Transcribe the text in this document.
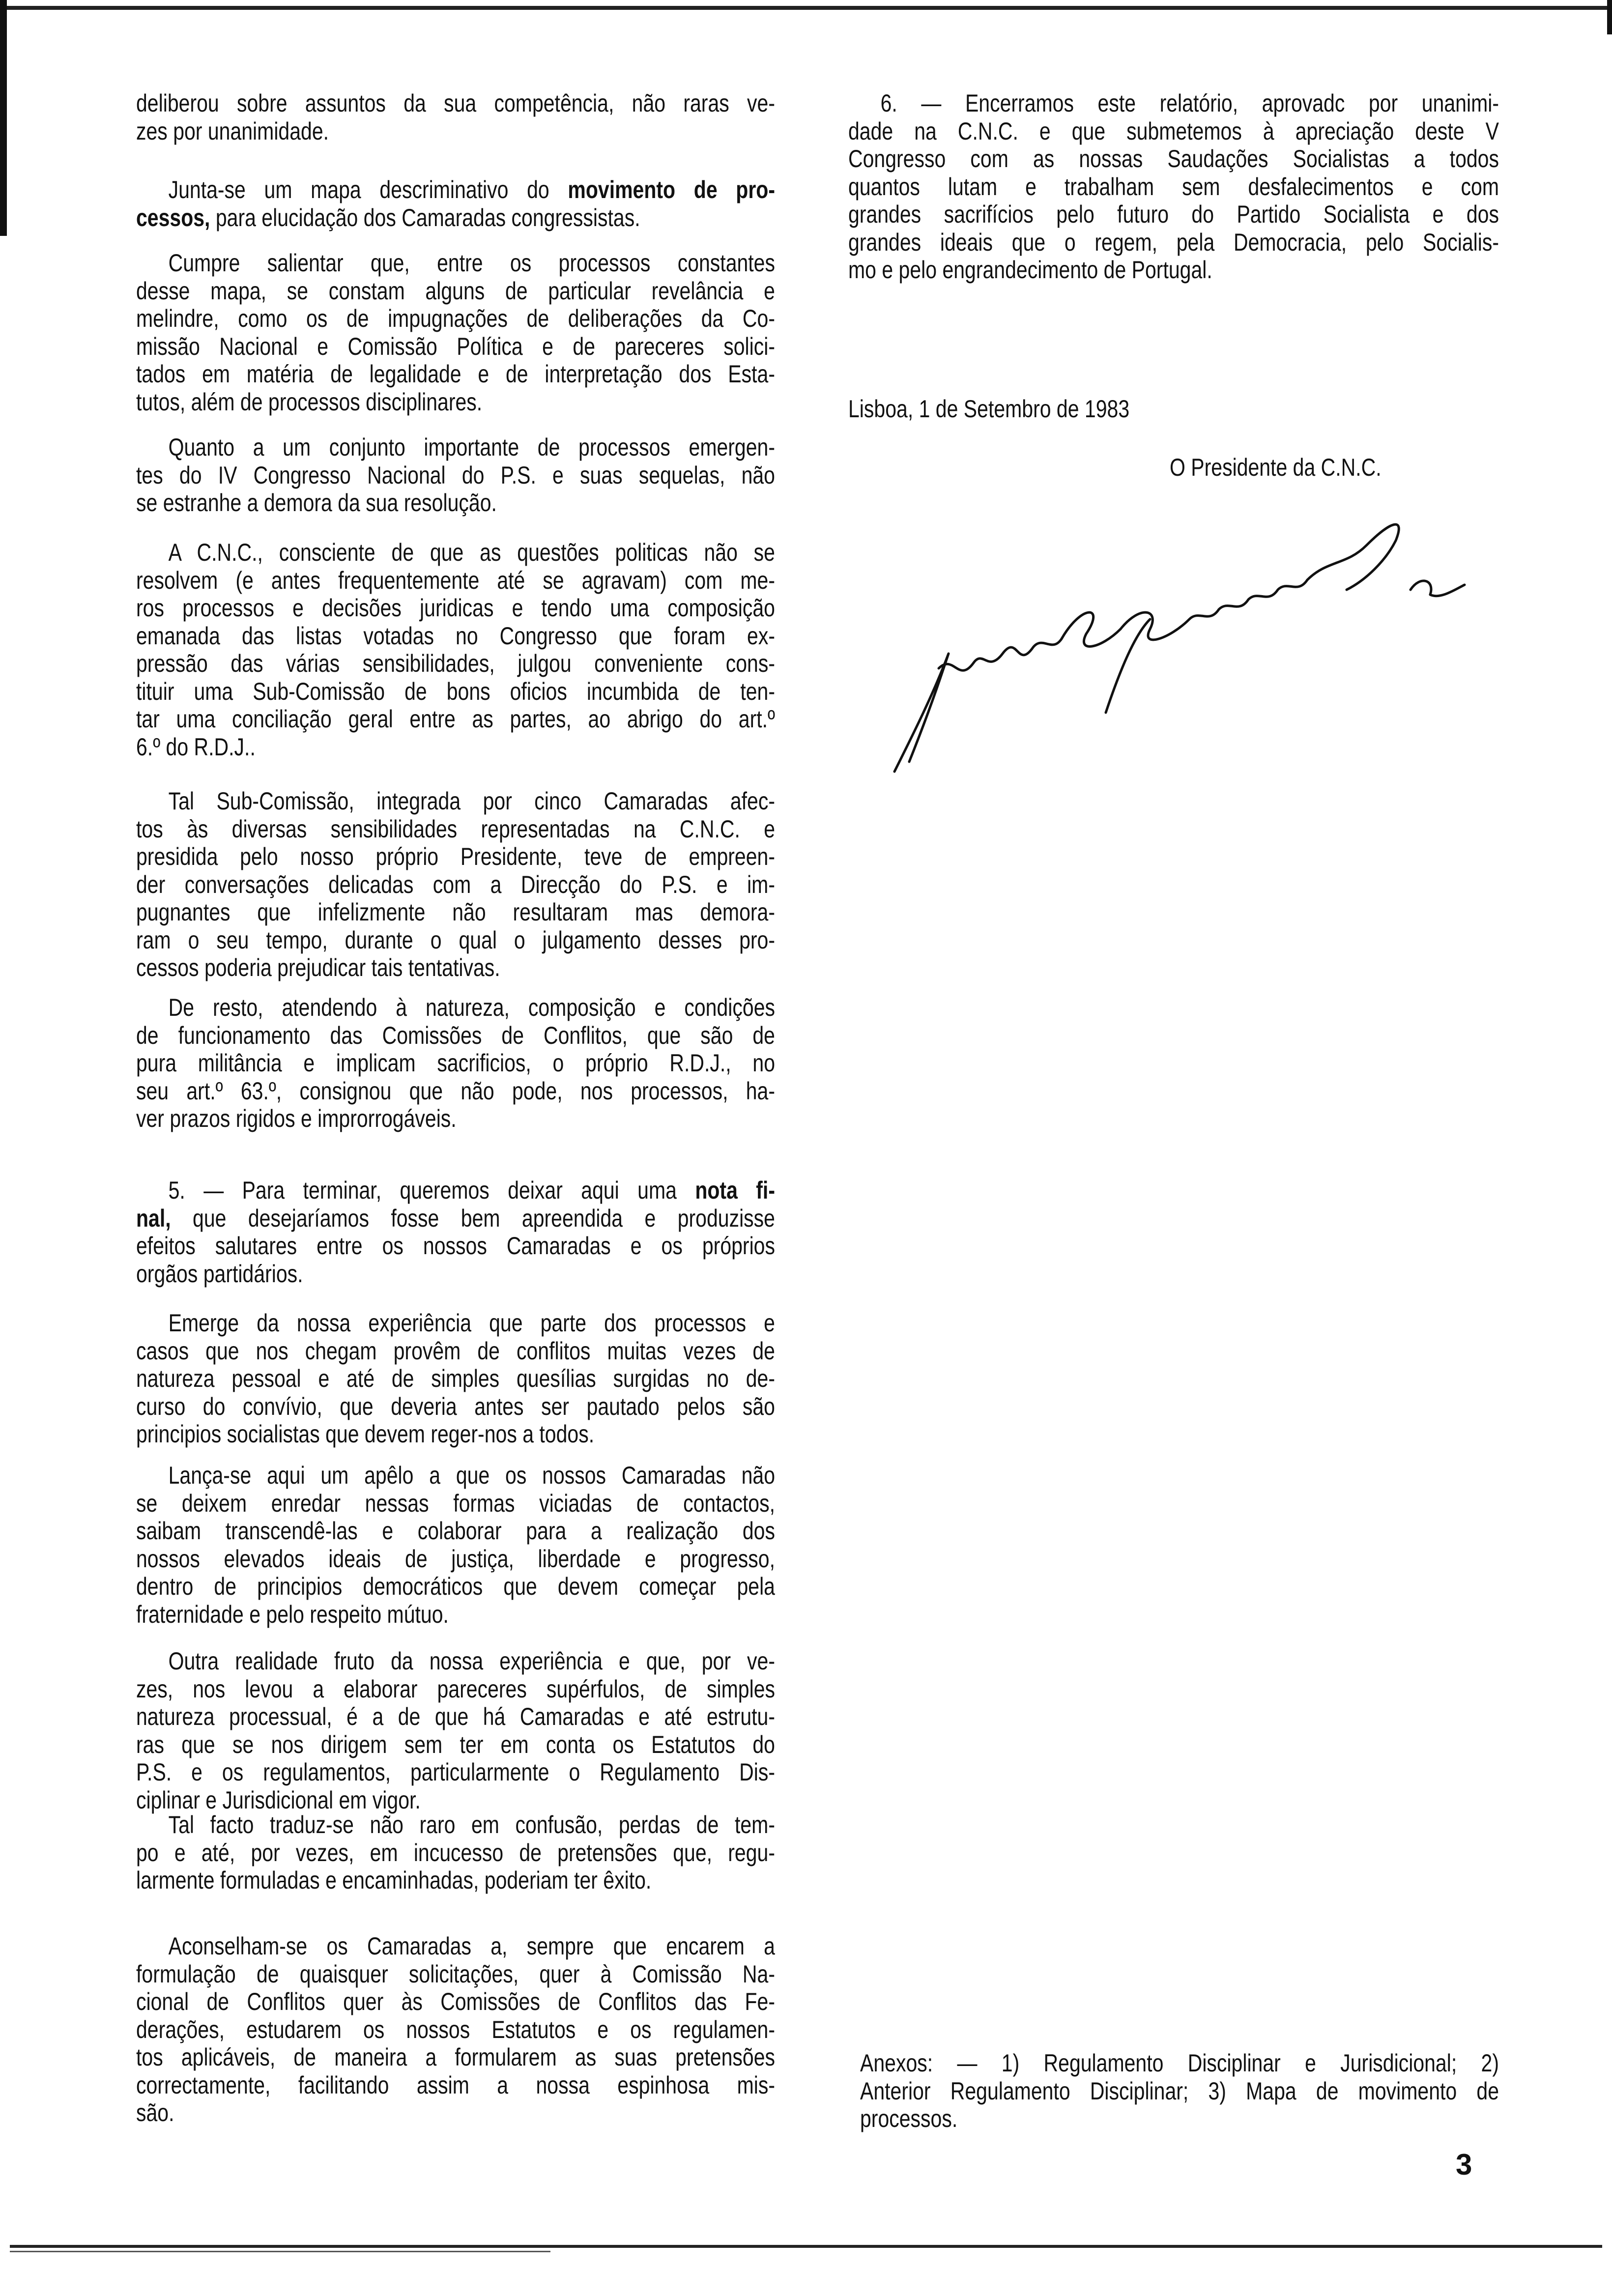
deliberou sobre assuntos da sua competência, não raras ve-
zes por unanimidade.
Junta-se um mapa descriminativo do movimento de pro-
cessos, para elucidação dos Camaradas congressistas.
Cumpre salientar que, entre os processos constantes
desse mapa, se constam alguns de particular revelância e
melindre, como os de impugnações de deliberações da Co-
missão Nacional e Comissão Política e de pareceres solici-
tados em matéria de legalidade e de interpretação dos Esta-
tutos, além de processos disciplinares.
Quanto a um conjunto importante de processos emergen-
tes do IV Congresso Nacional do P.S. e suas sequelas, não
se estranhe a demora da sua resolução.
A C.N.C., consciente de que as questões politicas não se
resolvem (e antes frequentemente até se agravam) com me-
ros processos e decisões juridicas e tendo uma composição
emanada das listas votadas no Congresso que foram ex-
pressão das várias sensibilidades, julgou conveniente cons-
tituir uma Sub-Comissão de bons oficios incumbida de ten-
tar uma conciliação geral entre as partes, ao abrigo do art.º
6.º do R.D.J..
Tal Sub-Comissão, integrada por cinco Camaradas afec-
tos às diversas sensibilidades representadas na C.N.C. e
presidida pelo nosso próprio Presidente, teve de empreen-
der conversações delicadas com a Direcção do P.S. e im-
pugnantes que infelizmente não resultaram mas demora-
ram o seu tempo, durante o qual o julgamento desses pro-
cessos poderia prejudicar tais tentativas.
De resto, atendendo à natureza, composição e condições
de funcionamento das Comissões de Conflitos, que são de
pura militância e implicam sacrificios, o próprio R.D.J., no
seu art.º 63.º, consignou que não pode, nos processos, ha-
ver prazos rigidos e improrrogáveis.
5. — Para terminar, queremos deixar aqui uma nota fi-
nal, que desejaríamos fosse bem apreendida e produzisse
efeitos salutares entre os nossos Camaradas e os próprios
orgãos partidários.
Emerge da nossa experiência que parte dos processos e
casos que nos chegam provêm de conflitos muitas vezes de
natureza pessoal e até de simples quesílias surgidas no de-
curso do convívio, que deveria antes ser pautado pelos são
principios socialistas que devem reger-nos a todos.
Lança-se aqui um apêlo a que os nossos Camaradas não
se deixem enredar nessas formas viciadas de contactos,
saibam transcendê-las e colaborar para a realização dos
nossos elevados ideais de justiça, liberdade e progresso,
dentro de principios democráticos que devem começar pela
fraternidade e pelo respeito mútuo.
Outra realidade fruto da nossa experiência e que, por ve-
zes, nos levou a elaborar pareceres supérfulos, de simples
natureza processual, é a de que há Camaradas e até estrutu-
ras que se nos dirigem sem ter em conta os Estatutos do
P.S. e os regulamentos, particularmente o Regulamento Dis-
ciplinar e Jurisdicional em vigor.
Tal facto traduz-se não raro em confusão, perdas de tem-
po e até, por vezes, em incucesso de pretensões que, regu-
larmente formuladas e encaminhadas, poderiam ter êxito.
Aconselham-se os Camaradas a, sempre que encarem a
formulação de quaisquer solicitações, quer à Comissão Na-
cional de Conflitos quer às Comissões de Conflitos das Fe-
derações, estudarem os nossos Estatutos e os regulamen-
tos aplicáveis, de maneira a formularem as suas pretensões
correctamente, facilitando assim a nossa espinhosa mis-
são.
6. — Encerramos este relatório, aprovadc por unanimi-
dade na C.N.C. e que submetemos à apreciação deste V
Congresso com as nossas Saudações Socialistas a todos
quantos lutam e trabalham sem desfalecimentos e com
grandes sacrifícios pelo futuro do Partido Socialista e dos
grandes ideais que o regem, pela Democracia, pelo Socialis-
mo e pelo engrandecimento de Portugal.
Lisboa, 1 de Setembro de 1983
O Presidente da C.N.C.
Anexos: — 1) Regulamento Disciplinar e Jurisdicional; 2)
Anterior Regulamento Disciplinar; 3) Mapa de movimento de
processos.
3
